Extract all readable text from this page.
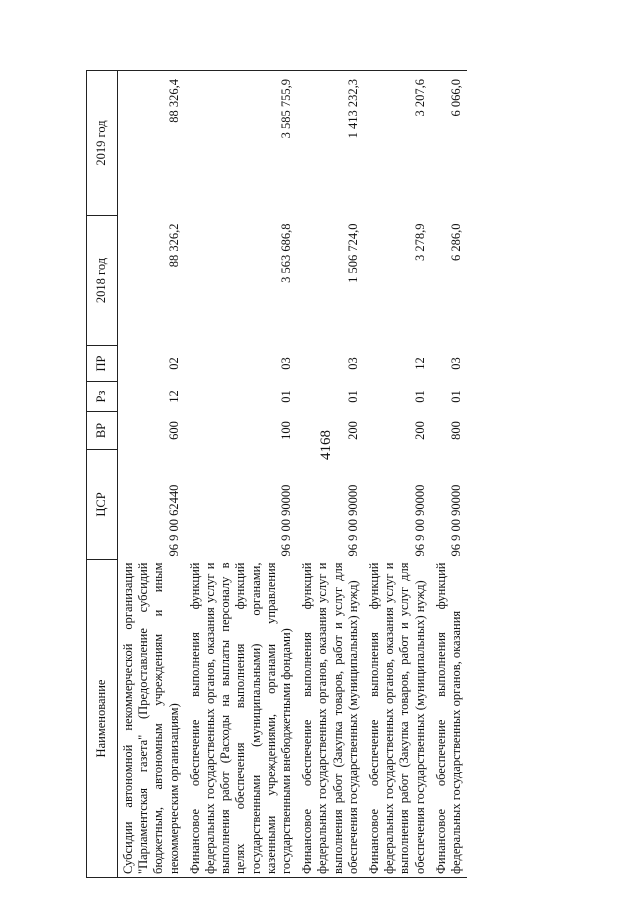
4168
Наименование	ЦСР	ВР	Рз	ПР	2018 год	2019 год
Субсидии автономной некоммерческой организации "Парламентская газета" (Предоставление субсидий бюджетным, автономным учреждениям и иным некоммерческим организациям)	96 9 00 62440	600	12	02	88 326,2	88 326,4
Финансовое обеспечение выполнения функций федеральных государственных органов, оказания услуг и выполнения работ (Расходы на выплаты персоналу в целях обеспечения выполнения функций государственными (муниципальными) органами, казенными учреждениями, органами управления государственными внебюджетными фондами)	96 9 00 90000	100	01	03	3 563 686,8	3 585 755,9
Финансовое обеспечение выполнения функций федеральных государственных органов, оказания услуг и выполнения работ (Закупка товаров, работ и услуг для обеспечения государственных (муниципальных) нужд)	96 9 00 90000	200	01	03	1 506 724,0	1 413 232,3
Финансовое обеспечение выполнения функций федеральных государственных органов, оказания услуг и выполнения работ (Закупка товаров, работ и услуг для обеспечения государственных (муниципальных) нужд)	96 9 00 90000	200	01	12	3 278,9	3 207,6
Финансовое обеспечение выполнения функций федеральных государственных органов, оказания	96 9 00 90000	800	01	03	6 286,0	6 066,0
